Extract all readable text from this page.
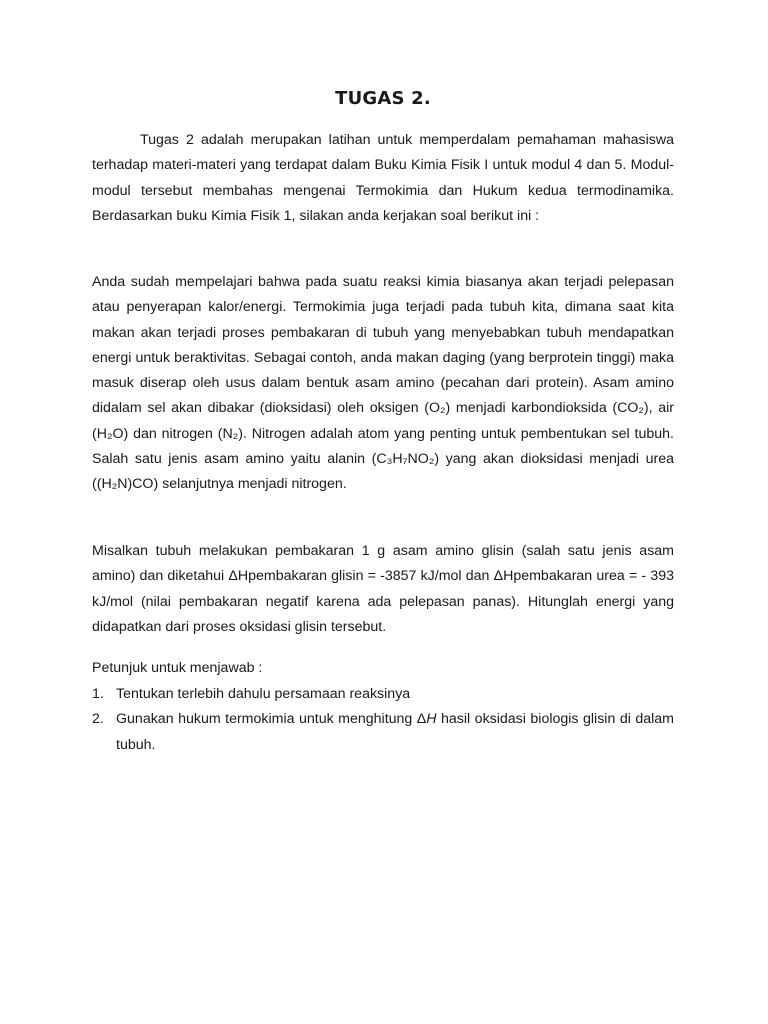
TUGAS 2.

Tugas 2 adalah merupakan latihan untuk memperdalam pemahaman mahasiswa terhadap materi-materi yang terdapat dalam Buku Kimia Fisik I untuk modul 4 dan 5. Modul-modul tersebut membahas mengenai Termokimia dan Hukum kedua termodinamika. Berdasarkan buku Kimia Fisik 1, silakan anda kerjakan soal berikut ini :

Anda sudah mempelajari bahwa pada suatu reaksi kimia biasanya akan terjadi pelepasan atau penyerapan kalor/energi. Termokimia juga terjadi pada tubuh kita, dimana saat kita makan akan terjadi proses pembakaran di tubuh yang menyebabkan tubuh mendapatkan energi untuk beraktivitas. Sebagai contoh, anda makan daging (yang berprotein tinggi) maka masuk diserap oleh usus dalam bentuk asam amino (pecahan dari protein). Asam amino didalam sel akan dibakar (dioksidasi) oleh oksigen (O₂) menjadi karbondioksida (CO₂), air (H₂O) dan nitrogen (N₂). Nitrogen adalah atom yang penting untuk pembentukan sel tubuh. Salah satu jenis asam amino yaitu alanin (C₃H₇NO₂) yang akan dioksidasi menjadi urea ((H₂N)CO) selanjutnya menjadi nitrogen.

Misalkan tubuh melakukan pembakaran 1 g asam amino glisin (salah satu jenis asam amino) dan diketahui ΔHpembakaran glisin = -3857 kJ/mol dan ΔHpembakaran urea = - 393 kJ/mol (nilai pembakaran negatif karena ada pelepasan panas). Hitunglah energi yang didapatkan dari proses oksidasi glisin tersebut.

Petunjuk untuk menjawab :

1. Tentukan terlebih dahulu persamaan reaksinya
2. Gunakan hukum termokimia untuk menghitung ΔH hasil oksidasi biologis glisin di dalam tubuh.
